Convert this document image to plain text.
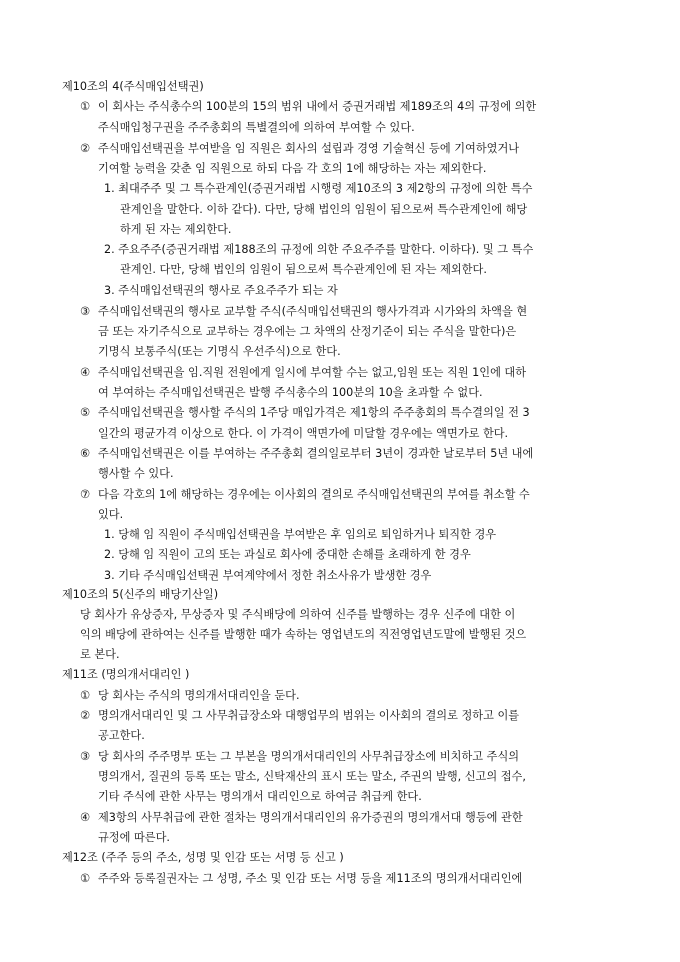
제10조의 4(주식매입선택권)
① 이 회사는 주식총수의 100분의 15의 범위 내에서 증권거래법 제189조의 4의 규정에 의한
주식매입청구권을 주주총회의 특별결의에 의하여 부여할 수 있다.
② 주식매입선택권을 부여받을 임 직원은 회사의 설립과 경영 기술혁신 등에 기여하였거나
기여할 능력을 갖춘 임 직원으로 하되 다음 각 호의 1에 해당하는 자는 제외한다.
1. 최대주주 및 그 특수관계인(증권거래법 시행령 제10조의 3 제2항의 규정에 의한 특수
관계인을 말한다. 이하 같다). 다만, 당해 법인의 임원이 됨으로써 특수관계인에 해당
하게 된 자는 제외한다.
2. 주요주주(증권거래법 제188조의 규정에 의한 주요주주를 말한다. 이하다). 및 그 특수
관계인. 다만, 당해 법인의 임원이 됨으로써 특수관계인에 된 자는 제외한다.
3. 주식매입선택권의 행사로 주요주주가 되는 자
③ 주식매입선택권의 행사로 교부할 주식(주식매입선택권의 행사가격과 시가와의 차액을 현
금 또는 자기주식으로 교부하는 경우에는 그 차액의 산정기준이 되는 주식을 말한다)은
기명식 보통주식(또는 기명식 우선주식)으로 한다.
④ 주식매입선택권을 임.직원 전원에게 일시에 부여할 수는 없고,임원 또는 직원 1인에 대하
여 부여하는 주식매입선택권은 발행 주식총수의 100분의 10을 초과할 수 없다.
⑤ 주식매입선택권을 행사할 주식의 1주당 매입가격은 제1항의 주주총회의 특수결의일 전 3
일간의 평균가격 이상으로 한다. 이 가격이 액면가에 미달할 경우에는 액면가로 한다.
⑥ 주식매입선택권은 이를 부여하는 주주총회 결의일로부터 3년이 경과한 날로부터 5년 내에
행사할 수 있다.
⑦ 다음 각호의 1에 해당하는 경우에는 이사회의 결의로 주식매입선택권의 부여를 취소할 수
있다.
1. 당해 임 직원이 주식매입선택권을 부여받은 후 임의로 퇴임하거나 퇴직한 경우
2. 당해 임 직원이 고의 또는 과실로 회사에 중대한 손해를 초래하게 한 경우
3. 기타 주식매입선택권 부여계약에서 정한 취소사유가 발생한 경우
제10조의 5(신주의 배당기산일)
당 회사가 유상증자, 무상증자 및 주식배당에 의하여 신주를 발행하는 경우 신주에 대한 이
익의 배당에 관하여는 신주를 발행한 때가 속하는 영업년도의 직전영업년도말에 발행된 것으
로 본다.
제11조 (명의개서대리인 )
① 당 회사는 주식의 명의개서대리인을 둔다.
② 명의개서대리인 및 그 사무취급장소와 대행업무의 범위는 이사회의 결의로 정하고 이를
공고한다.
③ 당 회사의 주주명부 또는 그 부본을 명의개서대리인의 사무취급장소에 비치하고 주식의
명의개서, 질권의 등록 또는 말소, 신탁재산의 표시 또는 말소, 주권의 발행, 신고의 접수,
기타 주식에 관한 사무는 명의개서 대리인으로 하여금 취급케 한다.
④ 제3항의 사무취급에 관한 절차는 명의개서대리인의 유가증권의 명의개서대 행등에 관한
규정에 따른다.
제12조 (주주 등의 주소, 성명 및 인감 또는 서명 등 신고 )
① 주주와 등록질권자는 그 성명, 주소 및 인감 또는 서명 등을 제11조의 명의개서대리인에
